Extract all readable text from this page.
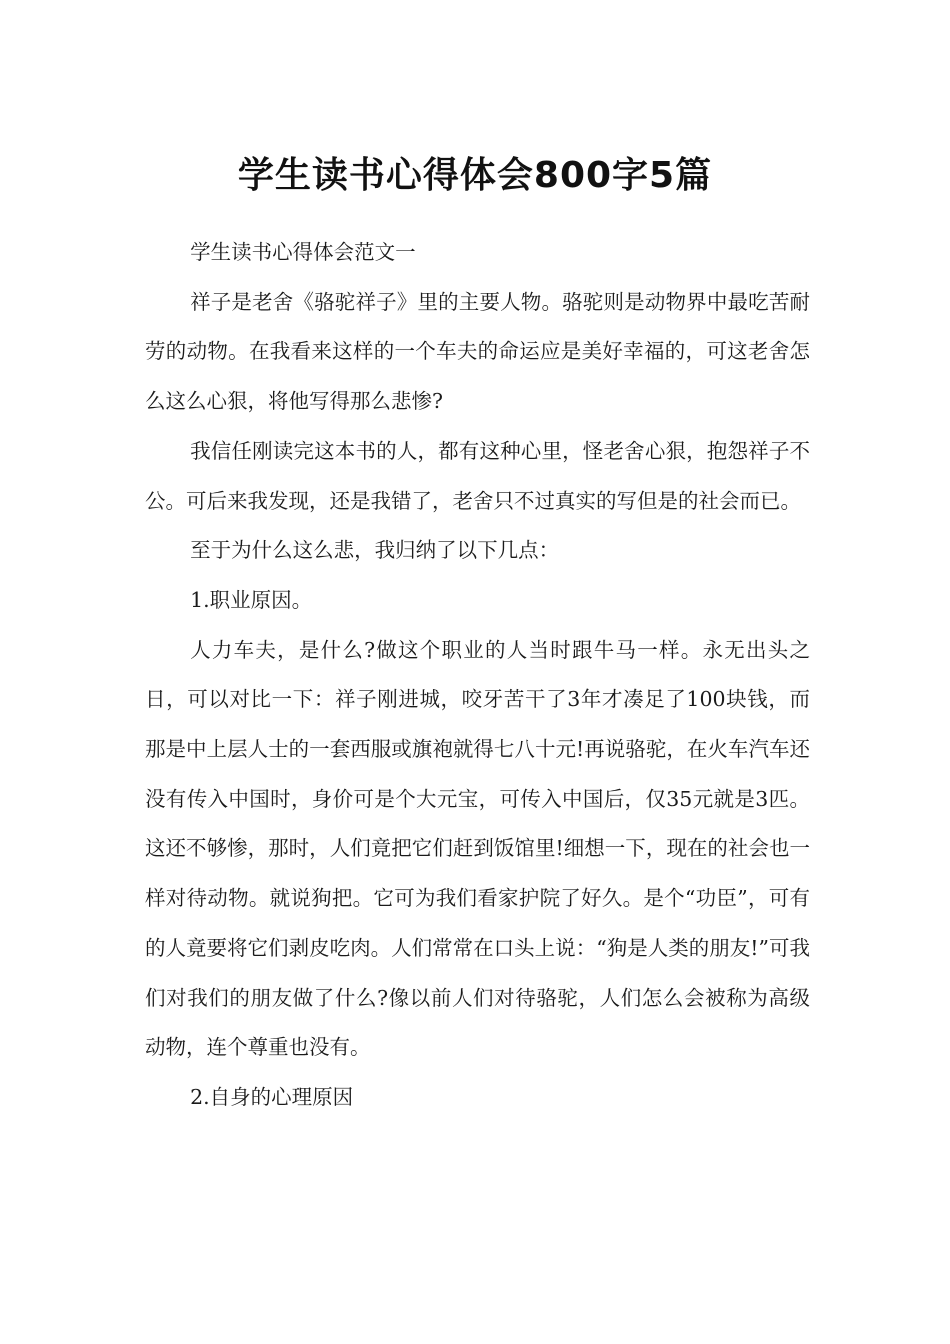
学生读书心得体会800字5篇

学生读书心得体会范文一

祥子是老舍《骆驼祥子》里的主要人物。骆驼则是动物界中最吃苦耐劳的动物。在我看来这样的一个车夫的命运应是美好幸福的，可这老舍怎么这么心狠，将他写得那么悲惨?

我信任刚读完这本书的人，都有这种心里，怪老舍心狠，抱怨祥子不公。可后来我发现，还是我错了，老舍只不过真实的写但是的社会而已。

至于为什么这么悲，我归纳了以下几点：

1.职业原因。

人力车夫，是什么?做这个职业的人当时跟牛马一样。永无出头之日，可以对比一下：祥子刚进城，咬牙苦干了3年才凑足了100块钱，而那是中上层人士的一套西服或旗袍就得七八十元!再说骆驼，在火车汽车还没有传入中国时，身价可是个大元宝，可传入中国后，仅35元就是3匹。这还不够惨，那时，人们竟把它们赶到饭馆里!细想一下，现在的社会也一样对待动物。就说狗把。它可为我们看家护院了好久。是个“功臣”，可有的人竟要将它们剥皮吃肉。人们常常在口头上说：“狗是人类的朋友!”可我们对我们的朋友做了什么?像以前人们对待骆驼，人们怎么会被称为高级动物，连个尊重也没有。

2.自身的心理原因
